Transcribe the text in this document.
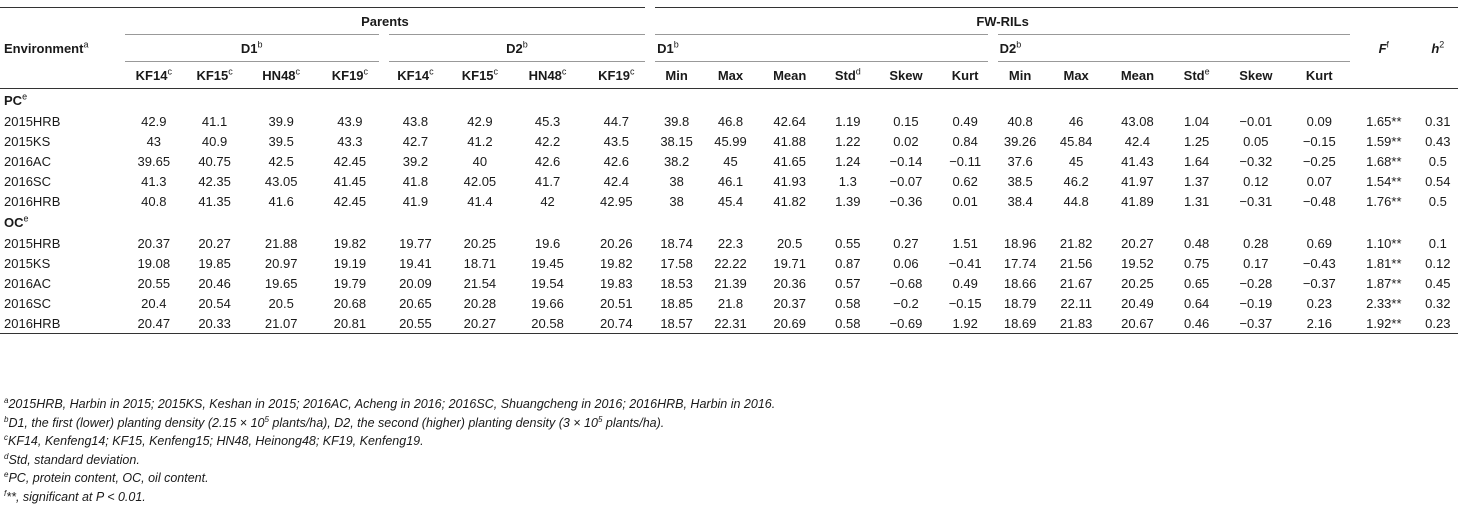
Environment$^a$	Parents								FW-RILs												$F^f$	$h^2$
	D1$^b$				D2$^b$				D1$^b$						D2$^b$
	KF14$^c$	KF15$^c$	HN48$^c$	KF19$^c$	KF14$^c$	KF15$^c$	HN48$^c$	KF19$^c$	Min	Max	Mean	Std$^d$	Skew	Kurt	Min	Max	Mean	Std$^e$	Skew	Kurt		
$PC^e$
2015HRB	42.9	41.1	39.9	43.9	43.8	42.9	45.3	44.7	39.8	46.8	42.64	1.19	0.15	0.49	40.8	46	43.08	1.04	−0.01	0.09	1.65**	0.31
2015KS	43	40.9	39.5	43.3	42.7	41.2	42.2	43.5	38.15	45.99	41.88	1.22	0.02	0.84	39.26	45.84	42.4	1.25	0.05	−0.15	1.59**	0.43
2016AC	39.65	40.75	42.5	42.45	39.2	40	42.6	42.6	38.2	45	41.65	1.24	−0.14	−0.11	37.6	45	41.43	1.64	−0.32	−0.25	1.68**	0.5
2016SC	41.3	42.35	43.05	41.45	41.8	42.05	41.7	42.4	38	46.1	41.93	1.3	−0.07	0.62	38.5	46.2	41.97	1.37	0.12	0.07	1.54**	0.54
2016HRB	40.8	41.35	41.6	42.45	41.9	41.4	42	42.95	38	45.4	41.82	1.39	−0.36	0.01	38.4	44.8	41.89	1.31	−0.31	−0.48	1.76**	0.5
$OC^e$
2015HRB	20.37	20.27	21.88	19.82	19.77	20.25	19.6	20.26	18.74	22.3	20.5	0.55	0.27	1.51	18.96	21.82	20.27	0.48	0.28	0.69	1.10**	0.1
2015KS	19.08	19.85	20.97	19.19	19.41	18.71	19.45	19.82	17.58	22.22	19.71	0.87	0.06	−0.41	17.74	21.56	19.52	0.75	0.17	−0.43	1.81**	0.12
2016AC	20.55	20.46	19.65	19.79	20.09	21.54	19.54	19.83	18.53	21.39	20.36	0.57	−0.68	0.49	18.66	21.67	20.25	0.65	−0.28	−0.37	1.87**	0.45
2016SC	20.4	20.54	20.5	20.68	20.65	20.28	19.66	20.51	18.85	21.8	20.37	0.58	−0.2	−0.15	18.79	22.11	20.49	0.64	−0.19	0.23	2.33**	0.32
2016HRB	20.47	20.33	21.07	20.81	20.55	20.27	20.58	20.74	18.57	22.31	20.69	0.58	−0.69	1.92	18.69	21.83	20.67	0.46	−0.37	2.16	1.92**	0.23
$^a$2015HRB, Harbin in 2015; 2015KS, Keshan in 2015; 2016AC, Acheng in 2016; 2016SC, Shuangcheng in 2016; 2016HRB, Harbin in 2016.
$^b$D1, the first (lower) planting density ($2.15 \times 10^5$ plants/ha), D2, the second (higher) planting density ($3 \times 10^5$ plants/ha).
$^c$KF14, Kenfeng14; KF15, Kenfeng15; HN48, Heinong48; KF19, Kenfeng19.
$^d$Std, standard deviation.
$^e$PC, protein content, OC, oil content.
$^f$**, significant at P < 0.01.
